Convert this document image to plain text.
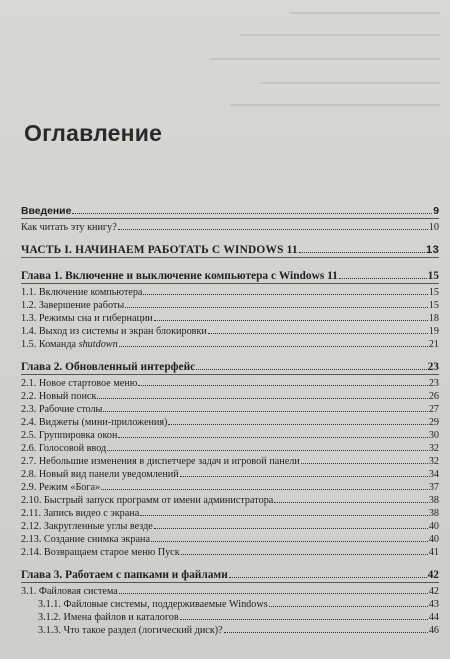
Оглавление
Введение	9
Как читать эту книгу?	10
ЧАСТЬ I. НАЧИНАЕМ РАБОТАТЬ С WINDOWS 11	13
Глава 1. Включение и выключение компьютера с Windows 11	15
1.1. Включение компьютера	15
1.2. Завершение работы	15
1.3. Режимы сна и гибернации	18
1.4. Выход из системы и экран блокировки	19
1.5. Команда shutdown	21
Глава 2. Обновленный интерфейс	23
2.1. Новое стартовое меню	23
2.2. Новый поиск	26
2.3. Рабочие столы	27
2.4. Виджеты (мини-приложения)	29
2.5. Группировка окон	30
2.6. Голосовой ввод	32
2.7. Небольшие изменения в диспетчере задач и игровой панели	32
2.8. Новый вид панели уведомлений	34
2.9. Режим «Бога»	37
2.10. Быстрый запуск программ от имени администратора	38
2.11. Запись видео с экрана	38
2.12. Закругленные углы везде	40
2.13. Создание снимка экрана	40
2.14. Возвращаем старое меню Пуск	41
Глава 3. Работаем с папками и файлами	42
3.1. Файловая система	42
3.1.1. Файловые системы, поддерживаемые Windows	43
3.1.2. Имена файлов и каталогов	44
3.1.3. Что такое раздел (логический диск)?	46
